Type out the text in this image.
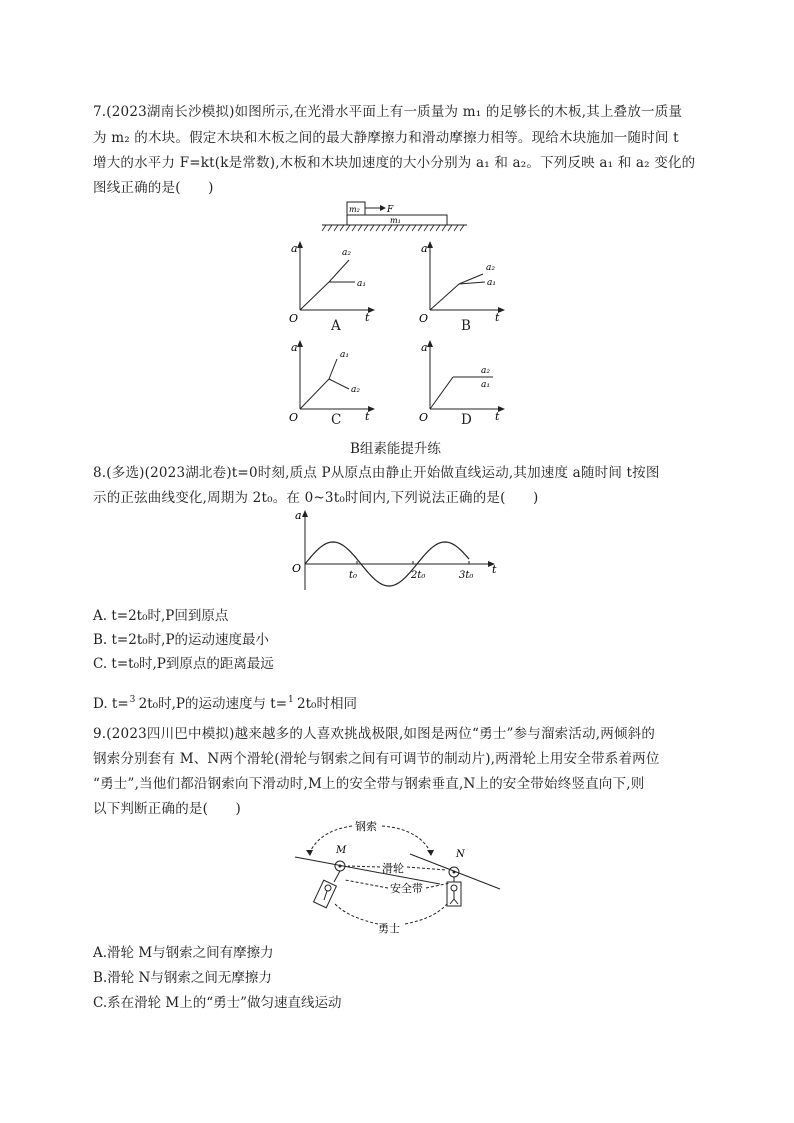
7.(2023湖南长沙模拟)如图所示,在光滑水平面上有一质量为 m₁ 的足够长的木板,其上叠放一质量
为 m₂ 的木块。假定木块和木板之间的最大静摩擦力和滑动摩擦力相等。现给木块施加一随时间 t
增大的水平力 F=kt(k是常数),木板和木块加速度的大小分别为 a₁ 和 a₂。下列反映 a₁ 和 a₂ 变化的
图线正确的是(　　)
m₂	F
m₁
a
t
O
a₂
a₁
A
a
t
O
a₂
a₁
B
a
t
O
a₁
a₂
C
a
t
O
a₂
a₁
D
B组素能提升练
8.(多选)(2023湖北卷)t=0时刻,质点 P从原点由静止开始做直线运动,其加速度 a随时间 t按图
示的正弦曲线变化,周期为 2t₀。在 0~3t₀时间内,下列说法正确的是(　　)
a
t
O
t₀	2t₀	3t₀
A. t=2t₀时,P回到原点
B. t=2t₀时,P的运动速度最小
C. t=t₀时,P到原点的距离最远
D. t= 3 2t₀时,P的运动速度与 t= 1 2t₀时相同
9.(2023四川巴中模拟)越来越多的人喜欢挑战极限,如图是两位“勇士”参与溜索活动,两倾斜的
钢索分别套有 M、N两个滑轮(滑轮与钢索之间有可调节的制动片),两滑轮上用安全带系着两位
“勇士”,当他们都沿钢索向下滑动时,M上的安全带与钢索垂直,N上的安全带始终竖直向下,则
以下判断正确的是(　　)
钢索
M	N
滑轮
安全带
勇士
A.滑轮 M与钢索之间有摩擦力
B.滑轮 N与钢索之间无摩擦力
C.系在滑轮 M上的“勇士”做匀速直线运动
